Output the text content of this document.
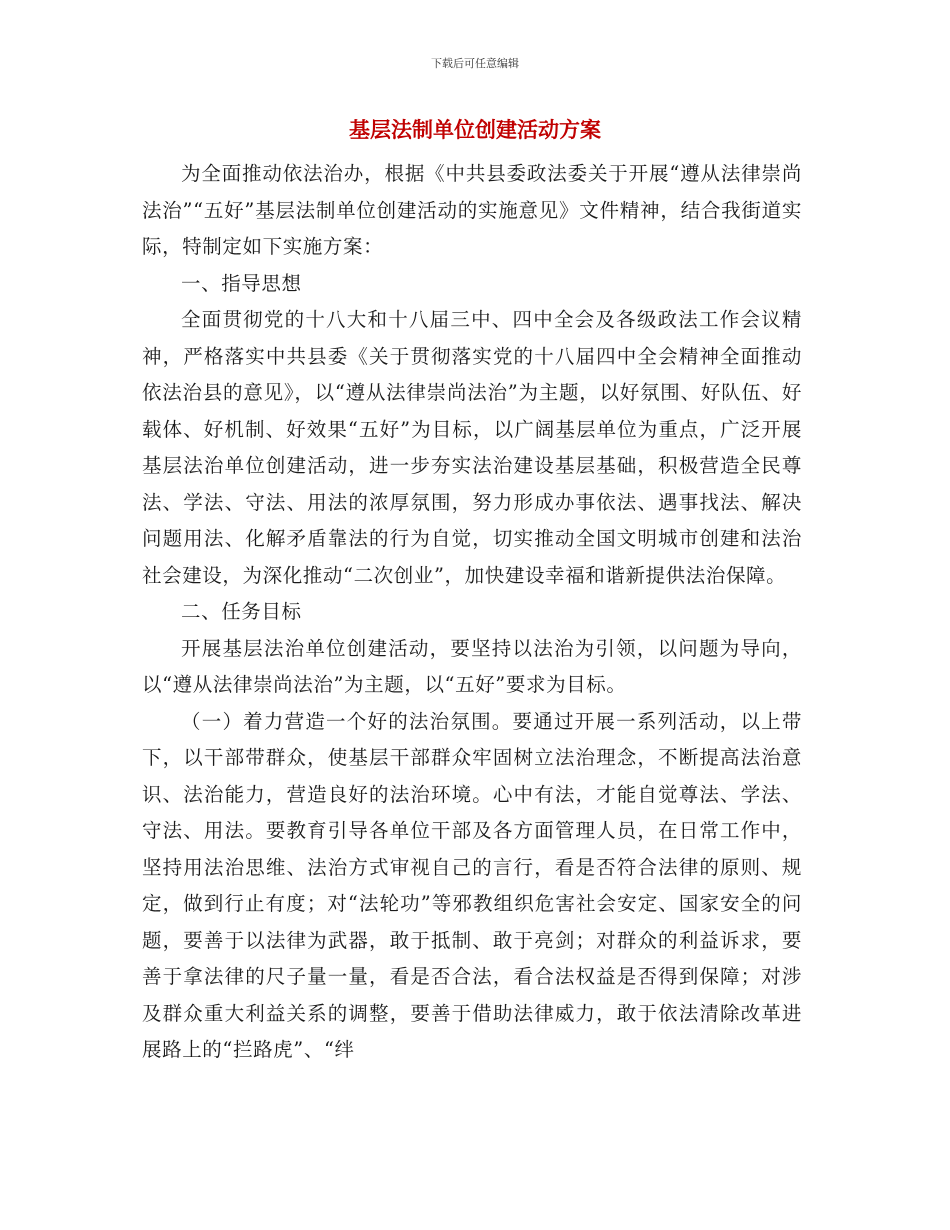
下载后可任意编辑
基层法制单位创建活动方案

为全面推动依法治办，根据《中共县委政法委关于开展“遵从法律崇尚法治”“五好”基层法制单位创建活动的实施意见》文件精神，结合我街道实际，特制定如下实施方案：

一、指导思想

全面贯彻党的十八大和十八届三中、四中全会及各级政法工作会议精神，严格落实中共县委《关于贯彻落实党的十八届四中全会精神全面推动依法治县的意见》，以“遵从法律崇尚法治”为主题，以好氛围、好队伍、好载体、好机制、好效果“五好”为目标，以广阔基层单位为重点，广泛开展基层法治单位创建活动，进一步夯实法治建设基层基础，积极营造全民尊法、学法、守法、用法的浓厚氛围，努力形成办事依法、遇事找法、解决问题用法、化解矛盾靠法的行为自觉，切实推动全国文明城市创建和法治社会建设，为深化推动“二次创业”，加快建设幸福和谐新提供法治保障。

二、任务目标

开展基层法治单位创建活动，要坚持以法治为引领，以问题为导向，以“遵从法律崇尚法治”为主题，以“五好”要求为目标。

（一）着力营造一个好的法治氛围。要通过开展一系列活动，以上带下，以干部带群众，使基层干部群众牢固树立法治理念，不断提高法治意识、法治能力，营造良好的法治环境。心中有法，才能自觉尊法、学法、守法、用法。要教育引导各单位干部及各方面管理人员，在日常工作中，坚持用法治思维、法治方式审视自己的言行，看是否符合法律的原则、规定，做到行止有度；对“法轮功”等邪教组织危害社会安定、国家安全的问题，要善于以法律为武器，敢于抵制、敢于亮剑；对群众的利益诉求，要善于拿法律的尺子量一量，看是否合法，看合法权益是否得到保障；对涉及群众重大利益关系的调整，要善于借助法律威力，敢于依法清除改革进展路上的“拦路虎”、“绊
